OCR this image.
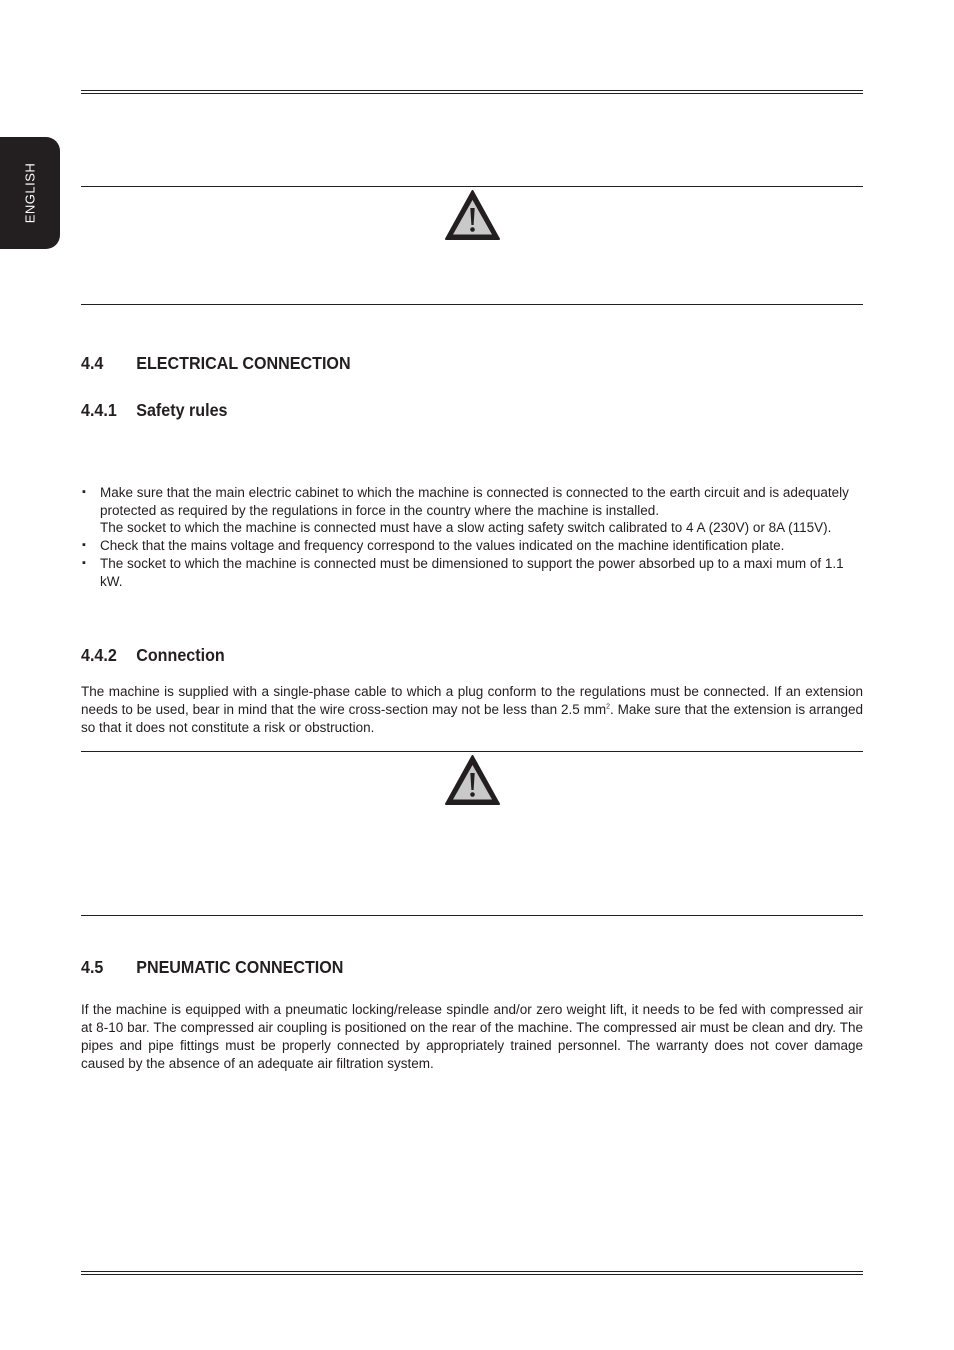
ENGLISH
4.4 ELECTRICAL CONNECTION
4.4.1 Safety rules
▪ Make sure that the main electric cabinet to which the machine is connected is connected to the earth circuit and is adequately protected as required by the regulations in force in the country where the machine is installed.

The socket to which the machine is connected must have a slow acting safety switch calibrated to 4 A (230V) or 8A (115V).

▪ Check that the mains voltage and frequency correspond to the values indicated on the machine identification plate.

▪ The socket to which the machine is connected must be dimensioned to support the power absorbed up to a maxi mum of 1.1 kW.

4.4.2 Connection

The machine is supplied with a single-phase cable to which a plug conform to the regulations must be connected. If an extension needs to be used, bear in mind that the wire cross-section may not be less than 2.5 $mm^2$. Make sure that the extension is arranged so that it does not constitute a risk or obstruction.

4.5 PNEUMATIC CONNECTION

If the machine is equipped with a pneumatic locking/release spindle and/or zero weight lift, it needs to be fed with compressed air at 8-10 bar. The compressed air coupling is positioned on the rear of the machine. The compressed air must be clean and dry. The pipes and pipe fittings must be properly connected by appropriately trained personnel. The warranty does not cover damage caused by the absence of an adequate air filtration system.
